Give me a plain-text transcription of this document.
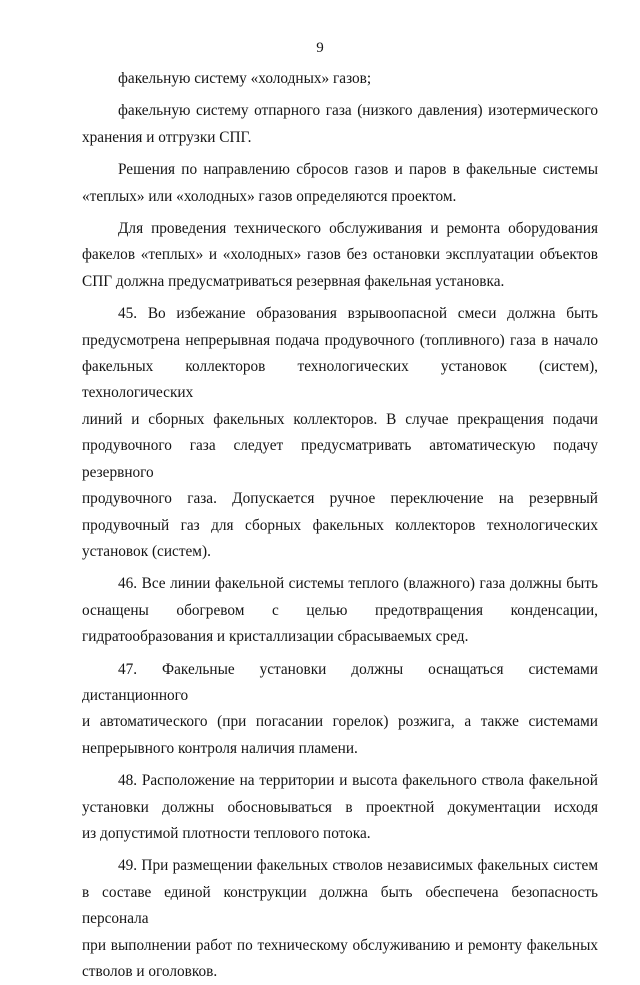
9
факельную систему «холодных» газов;
факельную систему отпарного газа (низкого давления) изотермического
хранения и отгрузки СПГ.
Решения по направлению сбросов газов и паров в факельные системы
«теплых» или «холодных» газов определяются проектом.
Для проведения технического обслуживания и ремонта оборудования
факелов «теплых» и «холодных» газов без остановки эксплуатации объектов
СПГ должна предусматриваться резервная факельная установка.
45. Во избежание образования взрывоопасной смеси должна быть
предусмотрена непрерывная подача продувочного (топливного) газа в начало
факельных коллекторов технологических установок (систем), технологических
линий и сборных факельных коллекторов. В случае прекращения подачи
продувочного газа следует предусматривать автоматическую подачу резервного
продувочного газа. Допускается ручное переключение на резервный
продувочный газ для сборных факельных коллекторов технологических
установок (систем).
46. Все линии факельной системы теплого (влажного) газа должны быть
оснащены обогревом с целью предотвращения конденсации,
гидратообразования и кристаллизации сбрасываемых сред.
47. Факельные установки должны оснащаться системами дистанционного
и автоматического (при погасании горелок) розжига, а также системами
непрерывного контроля наличия пламени.
48. Расположение на территории и высота факельного ствола факельной
установки должны обосновываться в проектной документации исходя
из допустимой плотности теплового потока.
49. При размещении факельных стволов независимых факельных систем
в составе единой конструкции должна быть обеспечена безопасность персонала
при выполнении работ по техническому обслуживанию и ремонту факельных
стволов и оголовков.
